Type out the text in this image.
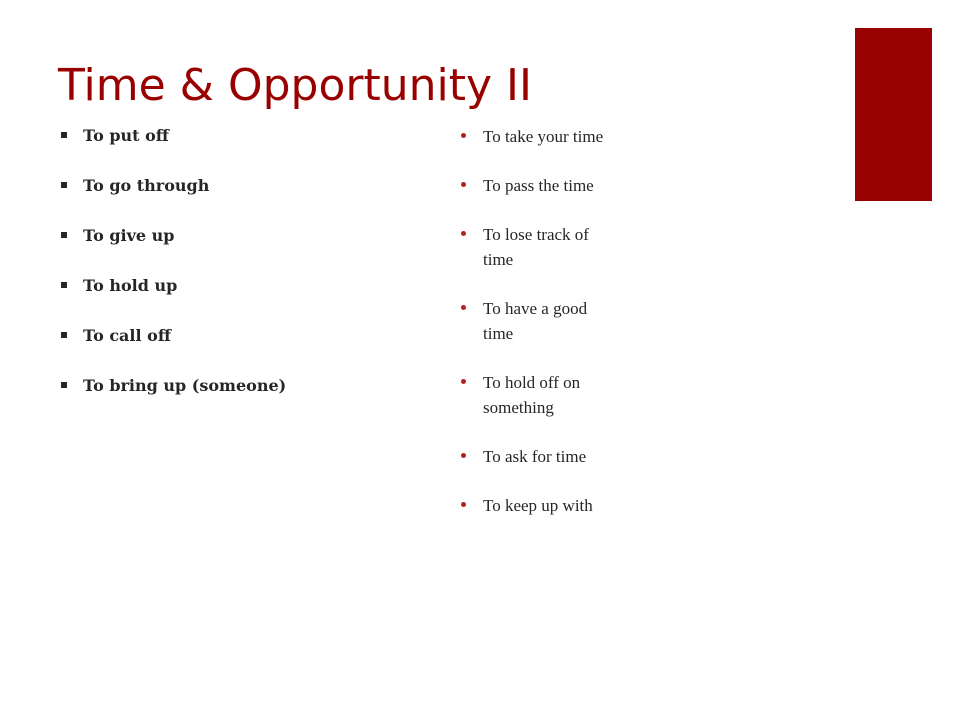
Time & Opportunity II
To put off
To go through
To give up
To hold up
To call off
To bring up (someone)
To take your time
To pass the time
To lose track of
time
To have a good
time
To hold off on
something
To ask for time
To keep up with
